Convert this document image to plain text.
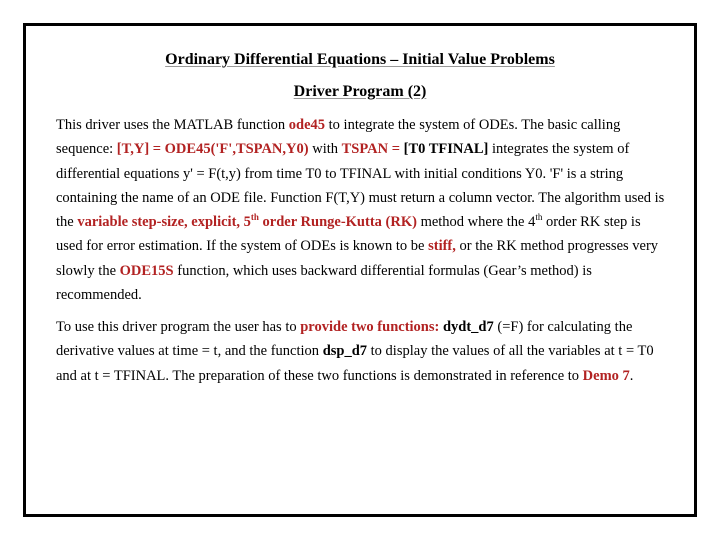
Ordinary Differential Equations – Initial Value Problems
Driver Program (2)

This driver uses the MATLAB function ode45 to integrate the system of ODEs. The basic calling sequence: [T,Y] = ODE45('F',TSPAN,Y0) with TSPAN = [T0 TFINAL] integrates the system of differential equations y' = F(t,y) from time T0 to TFINAL with initial conditions Y0. 'F' is a string containing the name of an ODE file. Function F(T,Y) must return a column vector. The algorithm used is the variable step-size, explicit, 5th order Runge-Kutta (RK) method where the 4th order RK step is used for error estimation. If the system of ODEs is known to be stiff, or the RK method progresses very slowly the ODE15S function, which uses backward differential formulas (Gear’s method) is recommended.

To use this driver program the user has to provide two functions: dydt_d7 (=F) for calculating the derivative values at time = t, and the function dsp_d7 to display the values of all the variables at t = T0 and at t = TFINAL. The preparation of these two functions is demonstrated in reference to Demo 7.
